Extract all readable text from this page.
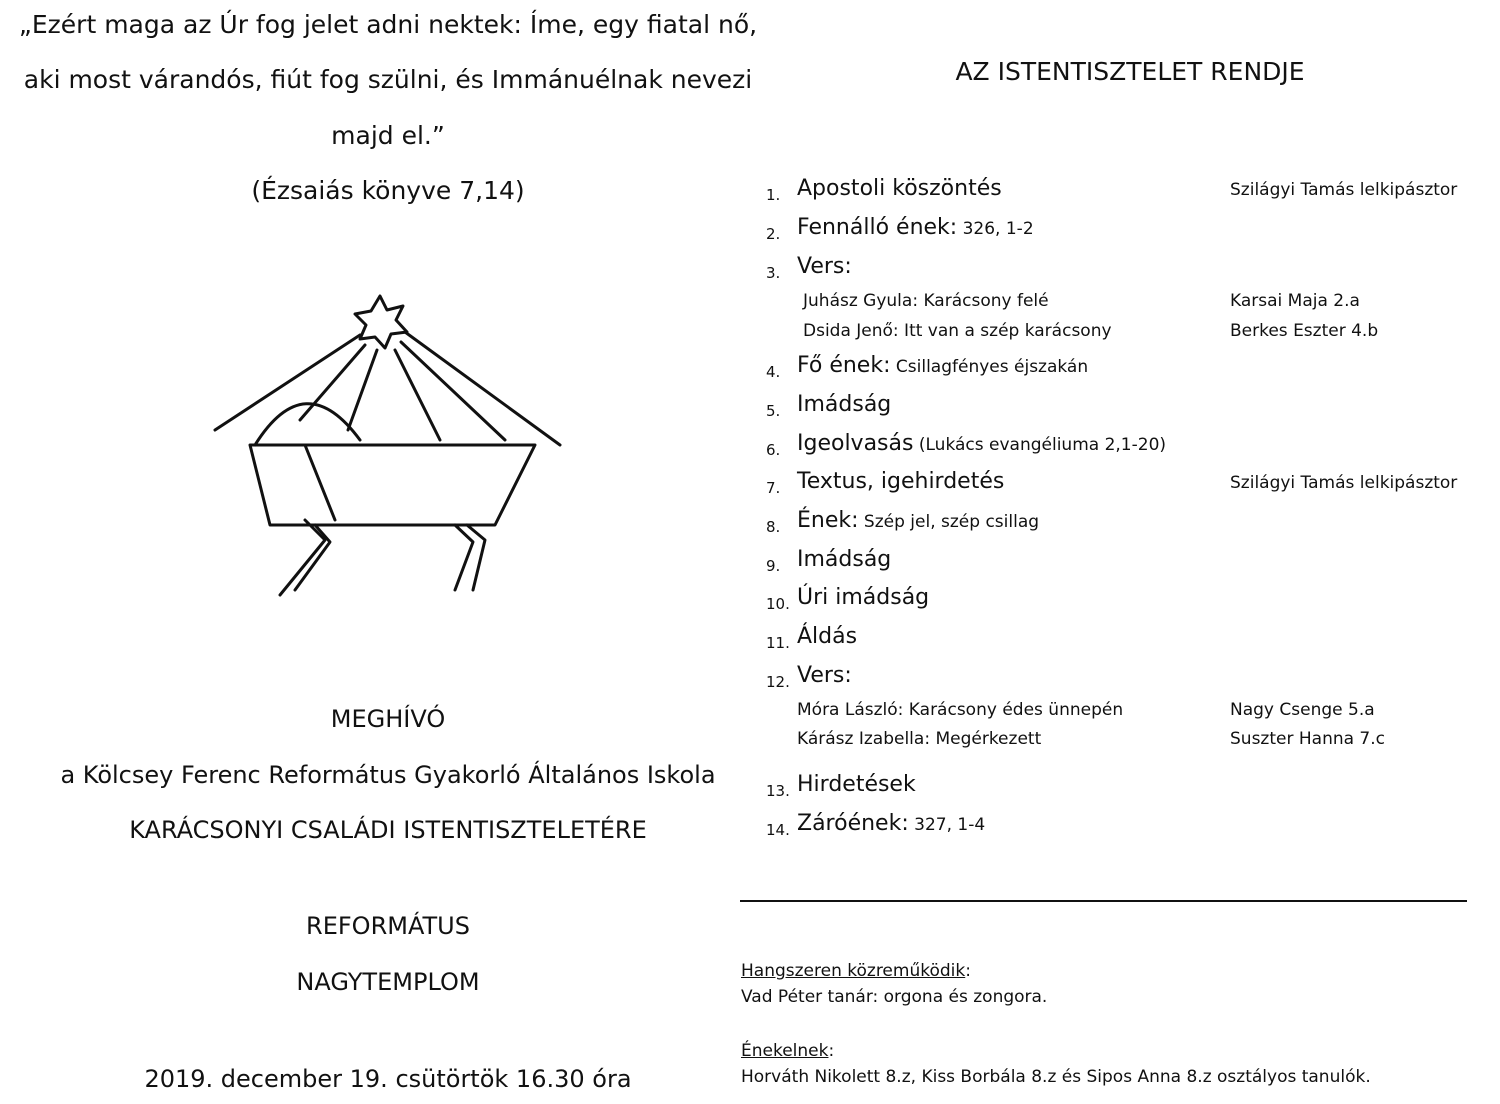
„Ezért maga az Úr fog jelet adni nektek: Íme, egy fiatal nő,
aki most várandós, fiút fog szülni, és Immánuélnak nevezi
majd el.”
(Ézsaiás könyve 7,14)
MEGHÍVÓ
a Kölcsey Ferenc Református Gyakorló Általános Iskola
KARÁCSONYI CSALÁDI ISTENTISZTELETÉRE
REFORMÁTUS
NAGYTEMPLOM
2019. december 19. csütörtök 16.30 óra
AZ ISTENTISZTELET RENDJE
1. Apostoli köszöntés	Szilágyi Tamás lelkipásztor
2. Fennálló ének: 326, 1-2
3. Vers:
Juhász Gyula: Karácsony felé	Karsai Maja 2.a
Dsida Jenő: Itt van a szép karácsony	Berkes Eszter 4.b
4. Fő ének: Csillagfényes éjszakán
5. Imádság
6. Igeolvasás (Lukács evangéliuma 2,1-20)
7. Textus, igehirdetés	Szilágyi Tamás lelkipásztor
8. Ének: Szép jel, szép csillag
9. Imádság
10. Úri imádság
11. Áldás
12. Vers:
Móra László: Karácsony édes ünnepén	Nagy Csenge 5.a
Kárász Izabella: Megérkezett	Suszter Hanna 7.c
13. Hirdetések
14. Záróének: 327, 1-4
Hangszeren közreműködik:
Vad Péter tanár: orgona és zongora.
Énekelnek:
Horváth Nikolett 8.z, Kiss Borbála 8.z és Sipos Anna 8.z osztályos tanulók.
